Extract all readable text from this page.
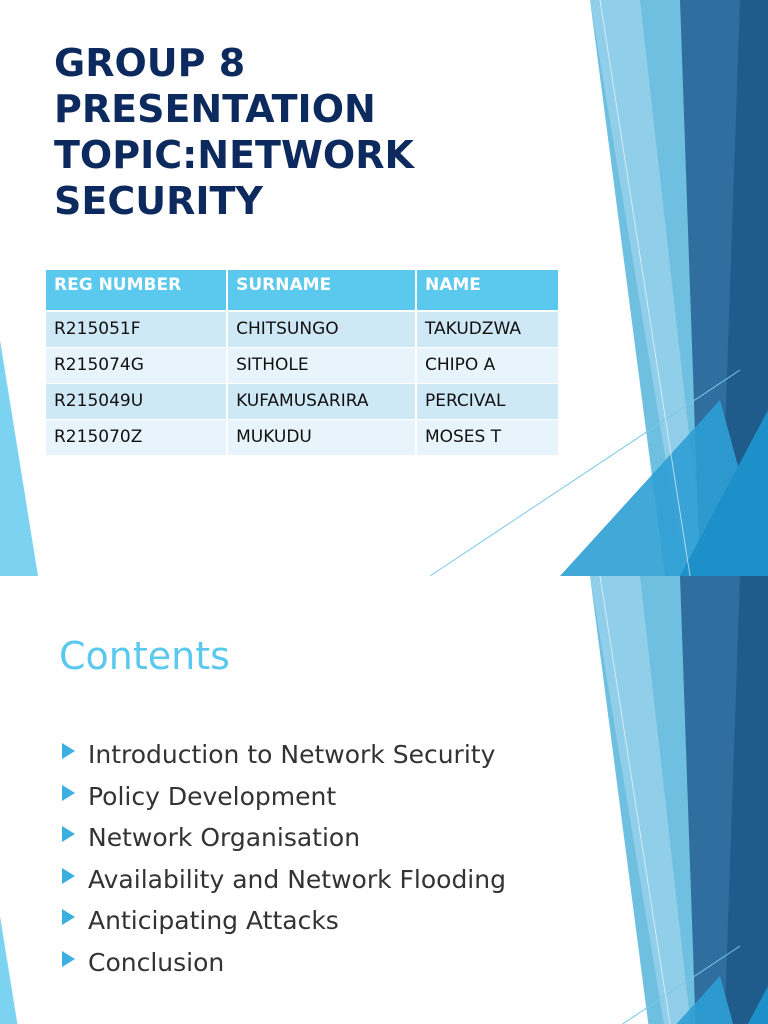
GROUP 8
PRESENTATION
TOPIC:NETWORK
SECURITY
REG NUMBER	SURNAME	NAME
R215051F	CHITSUNGO	TAKUDZWA
R215074G	SITHOLE	CHIPO A
R215049U	KUFAMUSARIRA	PERCIVAL
R215070Z	MUKUDU	MOSES T
Contents
Introduction to Network Security
Policy Development
Network Organisation
Availability and Network Flooding
Anticipating Attacks
Conclusion
